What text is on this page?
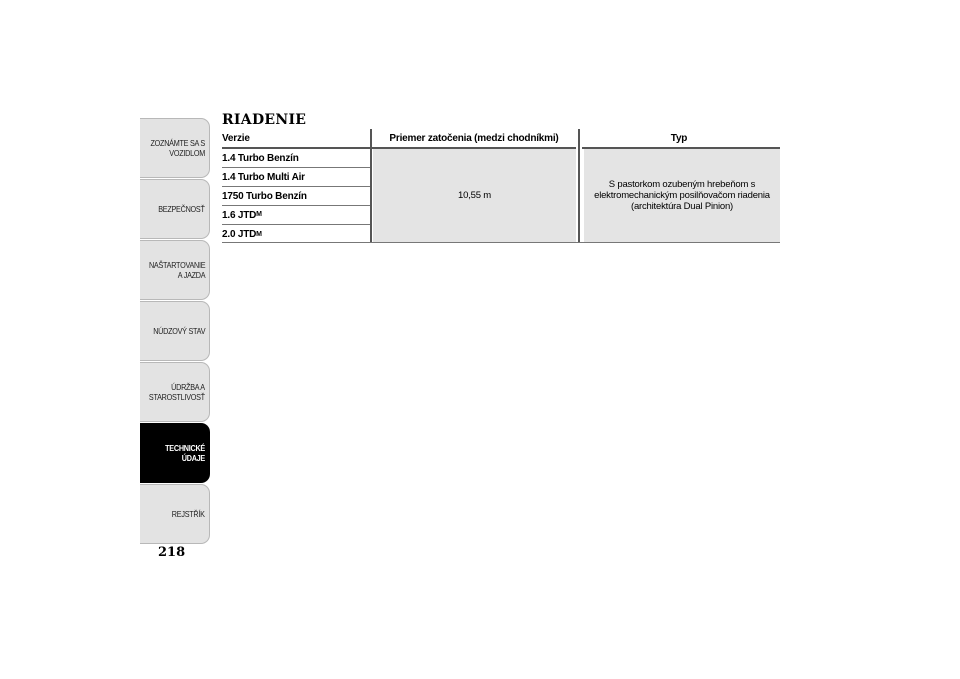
ZOZNÁMTE SA S VOZIDLOM
BEZPEČNOSŤ
NAŠTARTOVANIE A JAZDA
NÚDZOVÝ STAV
ÚDRŽBA A STAROSTLIVOSŤ
TECHNICKÉ ÚDAJE
REJSTŘÍK
218
RIADENIE
Verzie	Priemer zatočenia (medzi chodníkmi)	Typ
1.4 Turbo Benzín
1.4 Turbo Multi Air
1750 Turbo Benzín
1.6 JTD M
2.0 JTD M
10,55 m
S pastorkom ozubeným hrebeňom s elektromechanickým posilňovačom riadenia (architektúra Dual Pinion)
